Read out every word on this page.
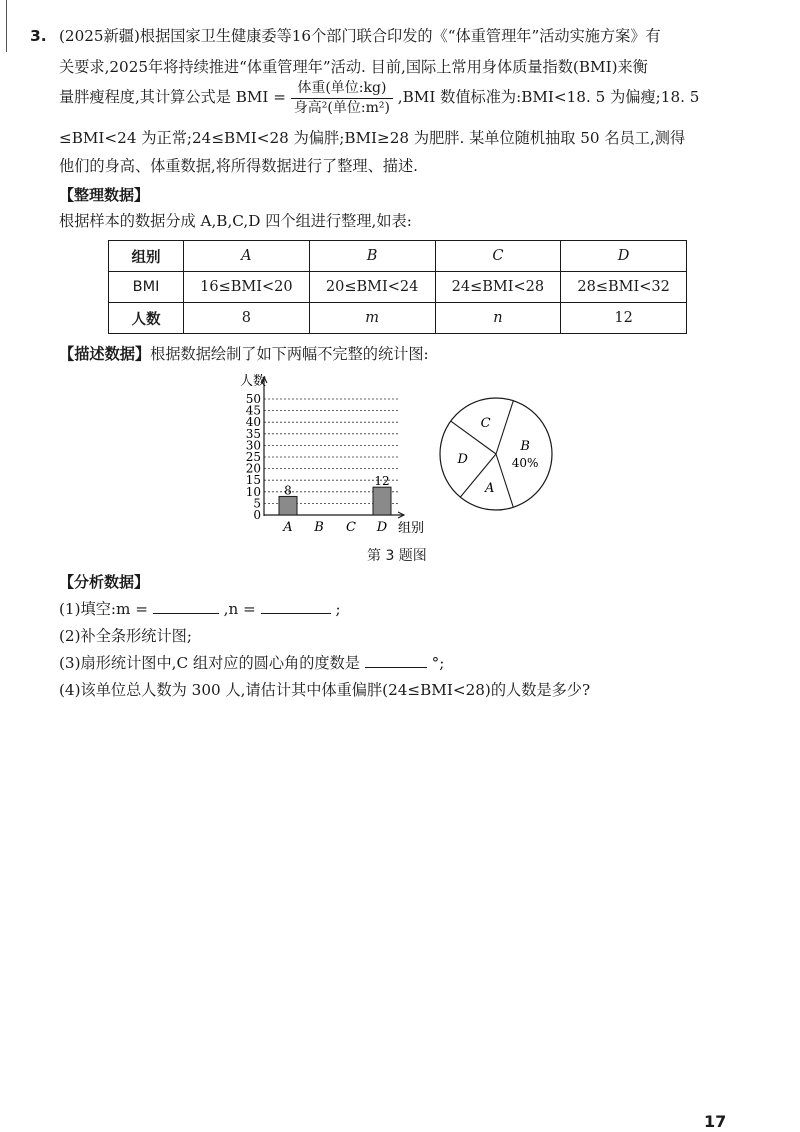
3. (2025新疆)根据国家卫生健康委等16个部门联合印发的《“体重管理年”活动实施方案》有
关要求,2025年将持续推进“体重管理年”活动. 目前,国际上常用身体质量指数(BMI)来衡
量胖瘦程度,其计算公式是 BMI = $\frac{\text{体重(单位:kg)}}{\text{身高²(单位:m²)}} ,BMI$ 数值标准为:BMI<18. 5 为偏瘦;18. 5
≤BMI<24 为正常;24≤BMI<28 为偏胖;BMI≥28 为肥胖. 某单位随机抽取 50 名员工,测得
他们的身高、体重数据,将所得数据进行了整理、描述.
【整理数据】
根据样本的数据分成 A,B,C,D 四个组进行整理,如表:
组别	A	B	C	D
BMI	16≤BMI<20	20≤BMI<24	24≤BMI<28	28≤BMI<32
人数	8	m	n	12
【描述数据】根据数据绘制了如下两幅不完整的统计图:
人数
0
5
10
15
20
25
30
35
40
45
50
A
8
B C D
12
组别
B
40%
A
D
C
第 3 题图
【分析数据】
(1)填空:m =	,n =	;
(2)补全条形统计图;
(3)扇形统计图中,C 组对应的圆心角的度数是	°;
(4)该单位总人数为 300 人,请估计其中体重偏胖(24≤BMI<28)的人数是多少?
17
